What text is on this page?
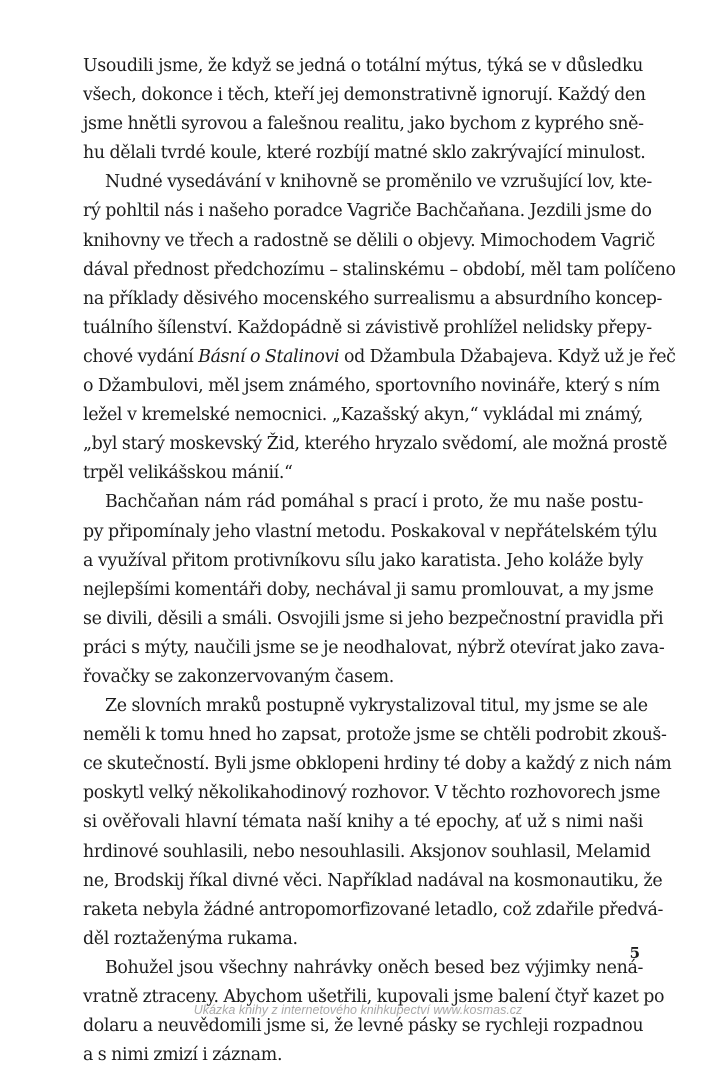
Usoudili jsme, že když se jedná o totální mýtus, týká se v důsledku
všech, dokonce i těch, kteří jej demonstrativně ignorují. Každý den
jsme hnětli syrovou a falešnou realitu, jako bychom z kyprého sně-
hu dělali tvrdé koule, které rozbíjí matné sklo zakrývající minulost.

Nudné vysedávání v knihovně se proměnilo ve vzrušující lov, kte-
rý pohltil nás i našeho poradce Vagriče Bachčaňana. Jezdili jsme do
knihovny ve třech a radostně se dělili o objevy. Mimochodem Vagrič
dával přednost předchozímu – stalinskému – období, měl tam políčeno
na příklady děsivého mocenského surrealismu a absurdního koncep-
tuálního šílenství. Každopádně si závistivě prohlížel nelidsky přepy-
chové vydání Básní o Stalinovi od Džambula Džabajeva. Když už je řeč
o Džambulovi, měl jsem známého, sportovního novináře, který s ním
ležel v kremelské nemocnici. „Kazašský akyn,“ vykládal mi známý,
„byl starý moskevský Žid, kterého hryzalo svědomí, ale možná prostě
trpěl velikášskou mánií.“

Bachčaňan nám rád pomáhal s prací i proto, že mu naše postu-
py připomínaly jeho vlastní metodu. Poskakoval v nepřátelském týlu
a využíval přitom protivníkovu sílu jako karatista. Jeho koláže byly
nejlepšími komentáři doby, nechával ji samu promlouvat, a my jsme
se divili, děsili a smáli. Osvojili jsme si jeho bezpečnostní pravidla při
práci s mýty, naučili jsme se je neodhalovat, nýbrž otevírat jako zava-
řovačky se zakonzervovaným časem.

Ze slovních mraků postupně vykrystalizoval titul, my jsme se ale
neměli k tomu hned ho zapsat, protože jsme se chtěli podrobit zkouš-
ce skutečností. Byli jsme obklopeni hrdiny té doby a každý z nich nám
poskytl velký několikahodinový rozhovor. V těchto rozhovorech jsme
si ověřovali hlavní témata naší knihy a té epochy, ať už s nimi naši
hrdinové souhlasili, nebo nesouhlasili. Aksjonov souhlasil, Melamid
ne, Brodskij říkal divné věci. Například nadával na kosmonautiku, že
raketa nebyla žádné antropomorfizované letadlo, což zdařile předvá-
děl roztaženýma rukama.

Bohužel jsou všechny nahrávky oněch besed bez výjimky nená-
vratně ztraceny. Abychom ušetřili, kupovali jsme balení čtyř kazet po
dolaru a neuvědomili jsme si, že levné pásky se rychleji rozpadnou
a s nimi zmizí i záznam.

5
Ukázka knihy z internetového knihkupectví www.kosmas.cz
